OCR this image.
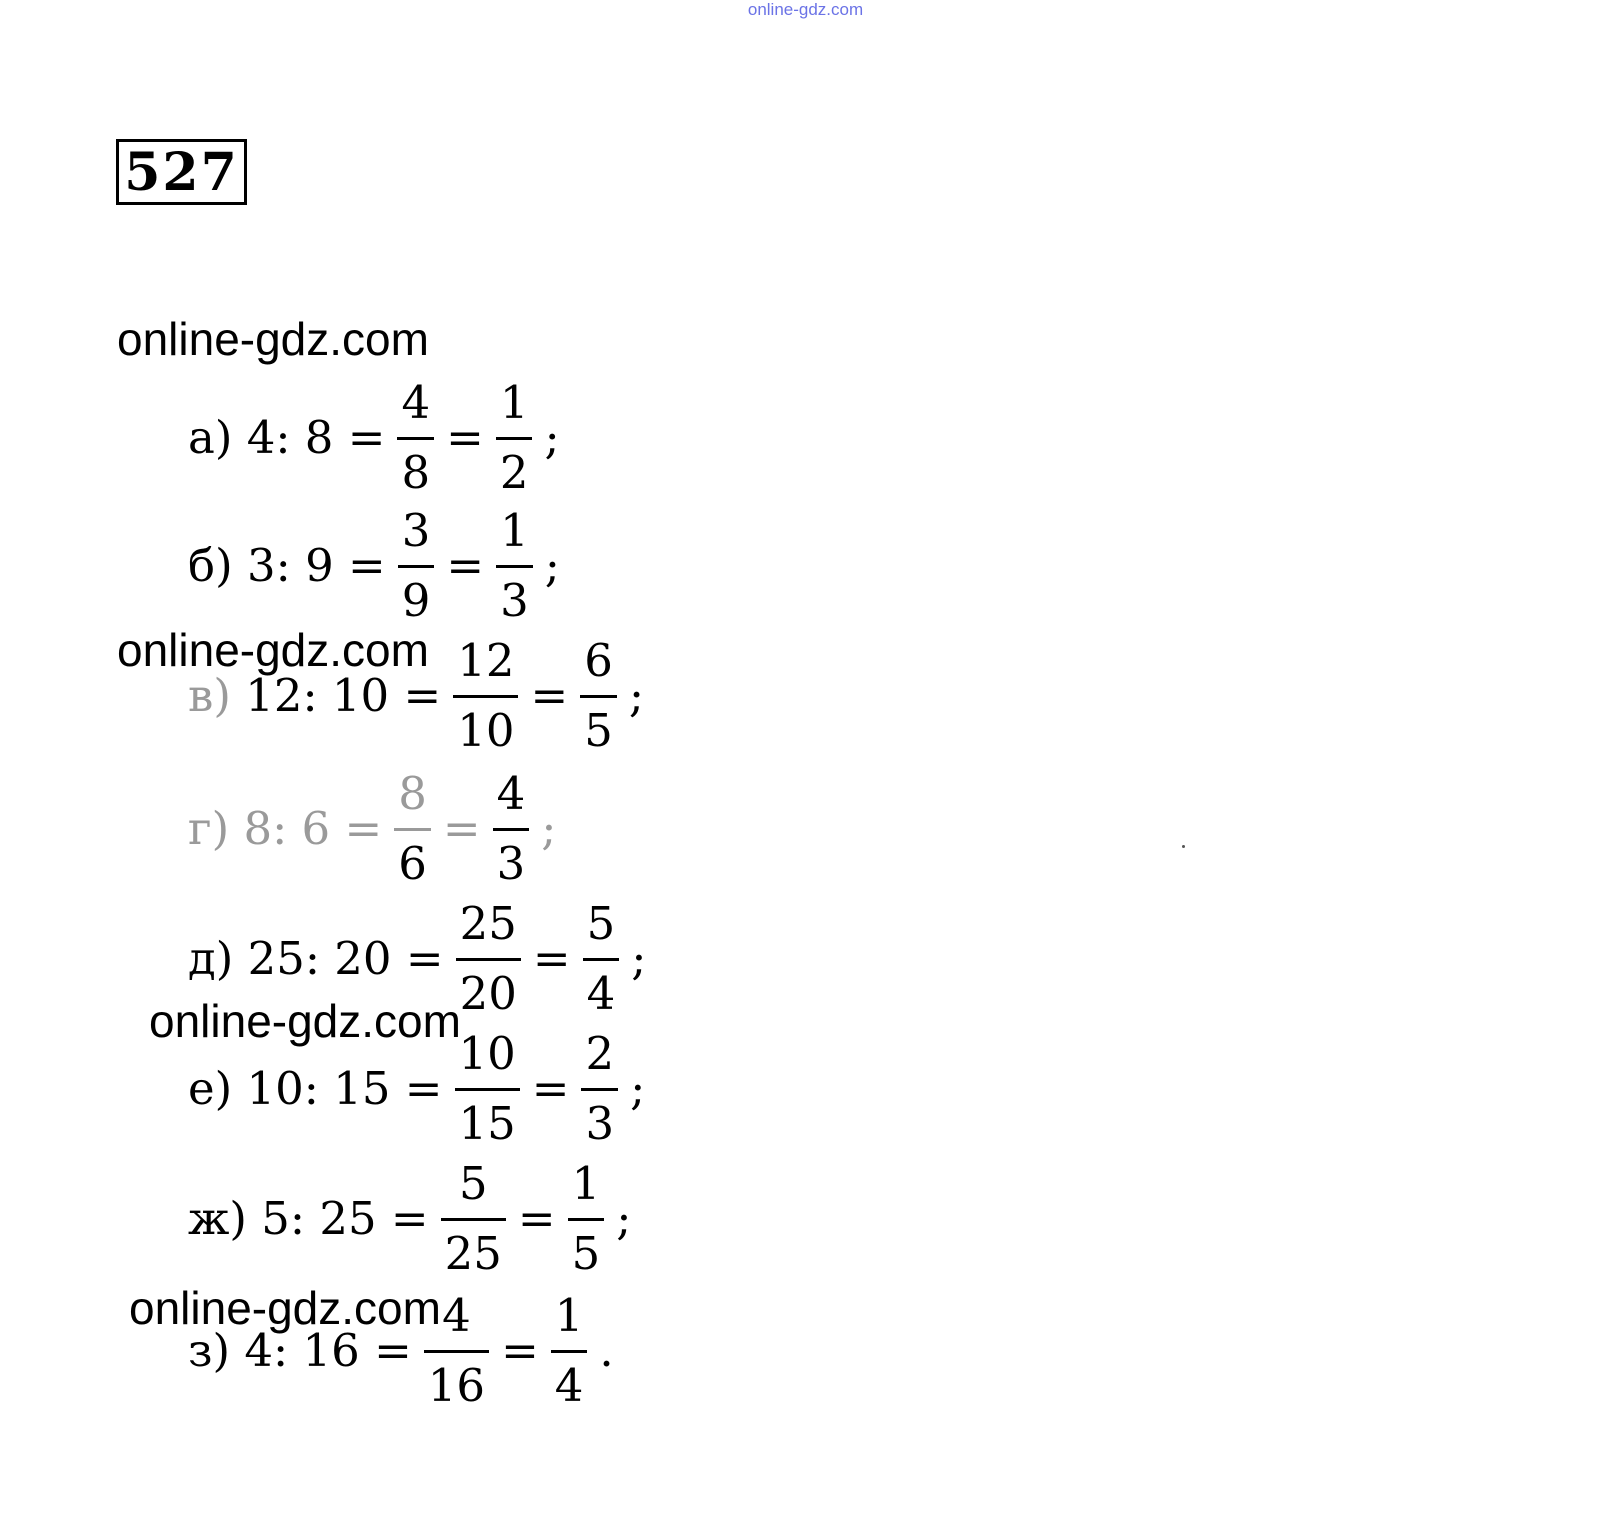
online-gdz.com
527
online-gdz.com
online-gdz.com
online-gdz.com
online-gdz.com
а)
4: $8 = \frac{4}{8} = \frac{1}{2}$ ;
б)
3: $9 = \frac{3}{9} = \frac{1}{3}$ ;
в)
12: $10 = \frac{12}{10} = \frac{6}{5}$ ;
г)
8: $6 = \frac{8}{6} = \frac{4}{3}$ ;
д)
25: $20 = \frac{25}{20} = \frac{5}{4}$ ;
е)
10: $15 = \frac{10}{15} = \frac{2}{3}$ ;
ж)
5: $25 = \frac{5}{25} = \frac{1}{5}$ ;
з)
4: $16 = \frac{4}{16} = \frac{1}{4}$ .
